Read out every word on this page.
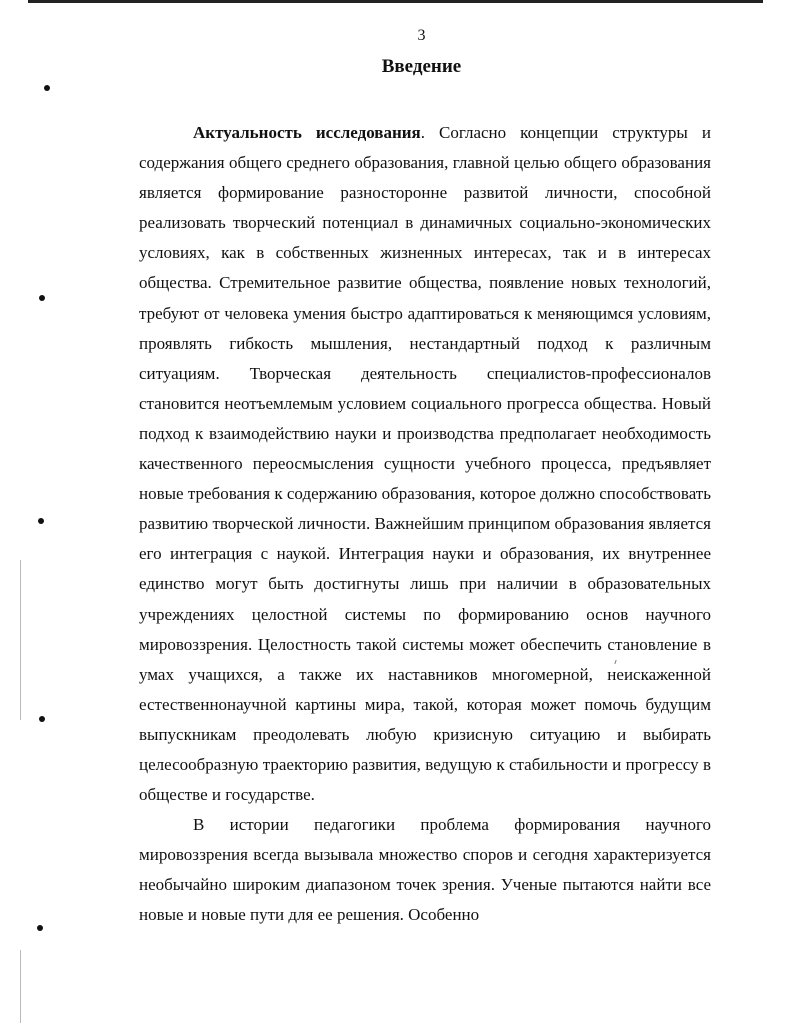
3
Введение

Актуальность исследования. Согласно концепции структуры и содержания общего среднего образования, главной целью общего образования является формирование разносторонне развитой личности, способной реализовать творческий потенциал в динамичных социально-экономических условиях, как в собственных жизненных интересах, так и в интересах общества. Стремительное развитие общества, появление новых технологий, требуют от человека умения быстро адаптироваться к меняющимся условиям, проявлять гибкость мышления, нестандартный подход к различным ситуациям. Творческая деятельность специалистов-профессионалов становится неотъемлемым условием социального прогресса общества. Новый подход к взаимодействию науки и производства предполагает необходимость качественного переосмысления сущности учебного процесса, предъявляет новые требования к содержанию образования, которое должно способствовать развитию творческой личности. Важнейшим принципом образования является его интеграция с наукой. Интеграция науки и образования, их внутреннее единство могут быть достигнуты лишь при наличии в образовательных учреждениях целостной системы по формированию основ научного мировоззрения. Целостность такой системы может обеспечить становление в умах учащихся, а также их наставников многомерной, неискаженной естественнонаучной картины мира, такой, которая может помочь будущим выпускникам преодолевать любую кризисную ситуацию и выбирать целесообразную траекторию развития, ведущую к стабильности и прогрессу в обществе и государстве.

В истории педагогики проблема формирования научного мировоззрения всегда вызывала множество споров и сегодня характеризуется необычайно широким диапазоном точек зрения. Ученые пытаются найти все новые и новые пути для ее решения. Особенно
